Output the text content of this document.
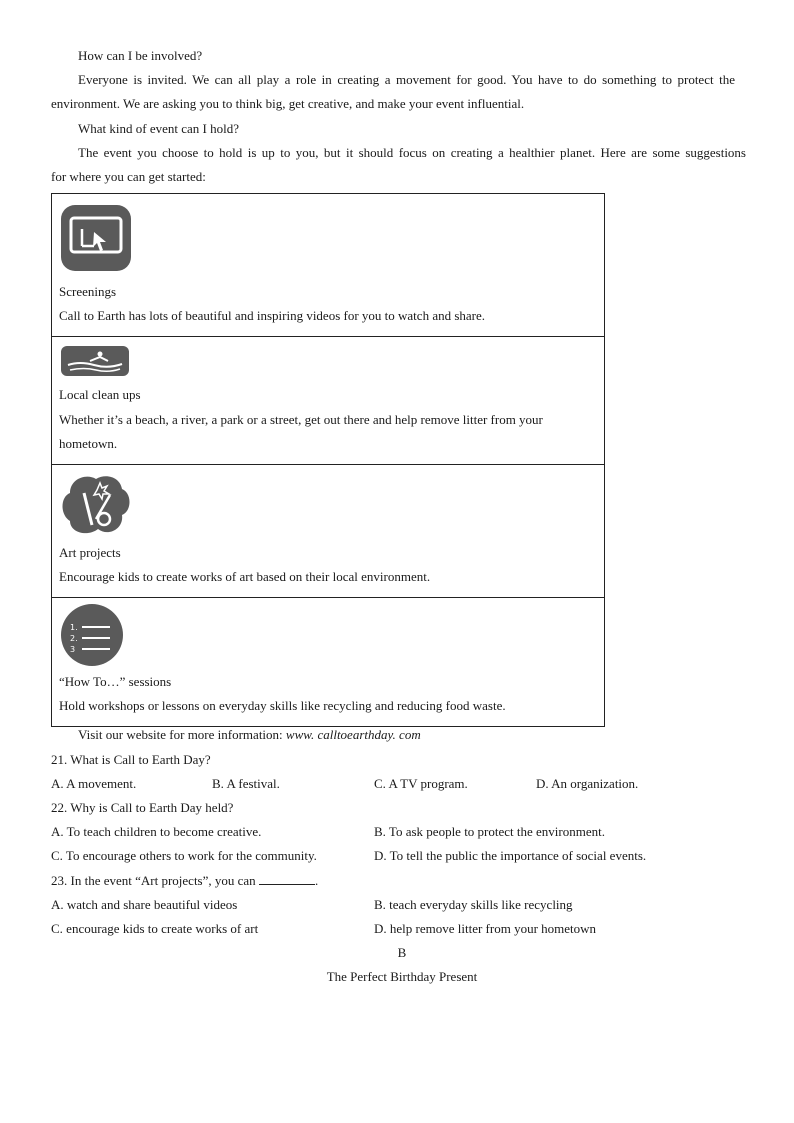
How can I be involved?
Everyone is invited. We can all play a role in creating a movement for good. You have to do something to protect the
environment. We are asking you to think big, get creative, and make your event influential.
What kind of event can I hold?
The event you choose to hold is up to you, but it should focus on creating a healthier planet. Here are some suggestions
for where you can get started:
Screenings
Call to Earth has lots of beautiful and inspiring videos for you to watch and share.
Local clean ups
Whether it’s a beach, a river, a park or a street, get out there and help remove litter from your
hometown.
Art projects
Encourage kids to create works of art based on their local environment.
1.
2.
3
“How To…” sessions
Hold workshops or lessons on everyday skills like recycling and reducing food waste.
Visit our website for more information: www. calltoearthday. com
21. What is Call to Earth Day?
A. A movement.	B. A festival.	C. A TV program.	D. An organization.
22. Why is Call to Earth Day held?
A. To teach children to become creative.	B. To ask people to protect the environment.
C. To encourage others to work for the community.	D. To tell the public the importance of social events.
23. In the event “Art projects”, you can	.
A. watch and share beautiful videos	B. teach everyday skills like recycling
C. encourage kids to create works of art	D. help remove litter from your hometown
B
The Perfect Birthday Present
